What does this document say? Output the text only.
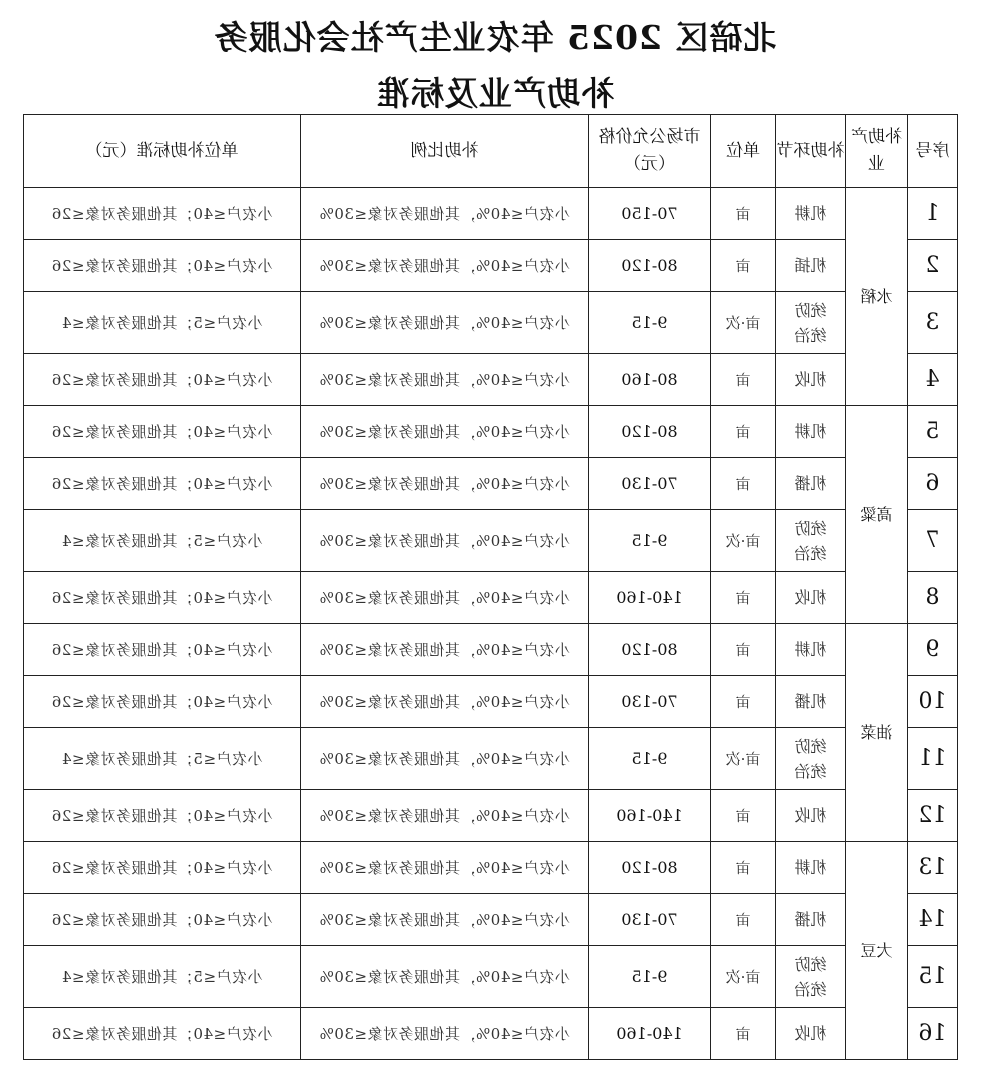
北碚区 2025 年农业生产社会化服务
补助产业及标准
序号	补助产业	补助环节	单位	市场公允价格（元）	补助比例	单位补助标准（元）
1	水稻	机耕	亩	70-150	小农户≤40%，其他服务对象≤30%	小农户≤40；其他服务对象≤26
2		机插	亩	80-120	小农户≤40%，其他服务对象≤30%	小农户≤40；其他服务对象≤26
3		统防统治	亩·次	9-15	小农户≤40%，其他服务对象≤30%	小农户≤5；其他服务对象≤4
4		机收	亩	80-160	小农户≤40%，其他服务对象≤30%	小农户≤40；其他服务对象≤26
5	高粱	机耕	亩	80-120	小农户≤40%，其他服务对象≤30%	小农户≤40；其他服务对象≤26
6		机播	亩	70-130	小农户≤40%，其他服务对象≤30%	小农户≤40；其他服务对象≤26
7		统防统治	亩·次	9-15	小农户≤40%，其他服务对象≤30%	小农户≤5；其他服务对象≤4
8		机收	亩	140-160	小农户≤40%，其他服务对象≤30%	小农户≤40；其他服务对象≤26
9	油菜	机耕	亩	80-120	小农户≤40%，其他服务对象≤30%	小农户≤40；其他服务对象≤26
10		机播	亩	70-130	小农户≤40%，其他服务对象≤30%	小农户≤40；其他服务对象≤26
11		统防统治	亩·次	9-15	小农户≤40%，其他服务对象≤30%	小农户≤5；其他服务对象≤4
12		机收	亩	140-160	小农户≤40%，其他服务对象≤30%	小农户≤40；其他服务对象≤26
13	大豆	机耕	亩	80-120	小农户≤40%，其他服务对象≤30%	小农户≤40；其他服务对象≤26
14		机播	亩	70-130	小农户≤40%，其他服务对象≤30%	小农户≤40；其他服务对象≤26
15		统防统治	亩·次	9-15	小农户≤40%，其他服务对象≤30%	小农户≤5；其他服务对象≤4
16		机收	亩	140-160	小农户≤40%，其他服务对象≤30%	小农户≤40；其他服务对象≤26
